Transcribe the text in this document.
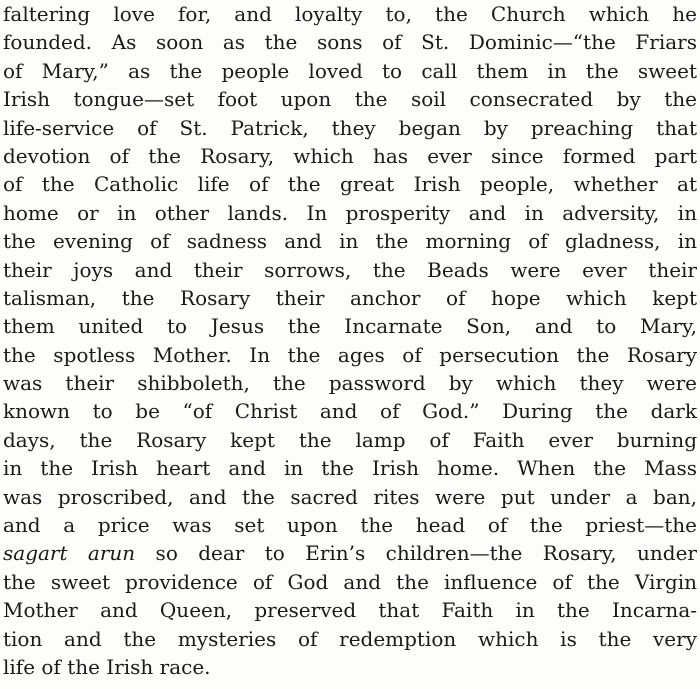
faltering love for, and loyalty to, the Church which he
founded. As soon as the sons of St. Dominic—“the Friars
of Mary,” as the people loved to call them in the sweet
Irish tongue—set foot upon the soil consecrated by the
life-service of St. Patrick, they began by preaching that
devotion of the Rosary, which has ever since formed part
of the Catholic life of the great Irish people, whether at
home or in other lands. In prosperity and in adversity, in
the evening of sadness and in the morning of gladness, in
their joys and their sorrows, the Beads were ever their
talisman, the Rosary their anchor of hope which kept
them united to Jesus the Incarnate Son, and to Mary,
the spotless Mother. In the ages of persecution the Rosary
was their shibboleth, the password by which they were
known to be “of Christ and of God.” During the dark
days, the Rosary kept the lamp of Faith ever burning
in the Irish heart and in the Irish home. When the Mass
was proscribed, and the sacred rites were put under a ban,
and a price was set upon the head of the priest—the
sagart arun so dear to Erin’s children—the Rosary, under
the sweet providence of God and the influence of the Virgin
Mother and Queen, preserved that Faith in the Incarna-
tion and the mysteries of redemption which is the very
life of the Irish race.
